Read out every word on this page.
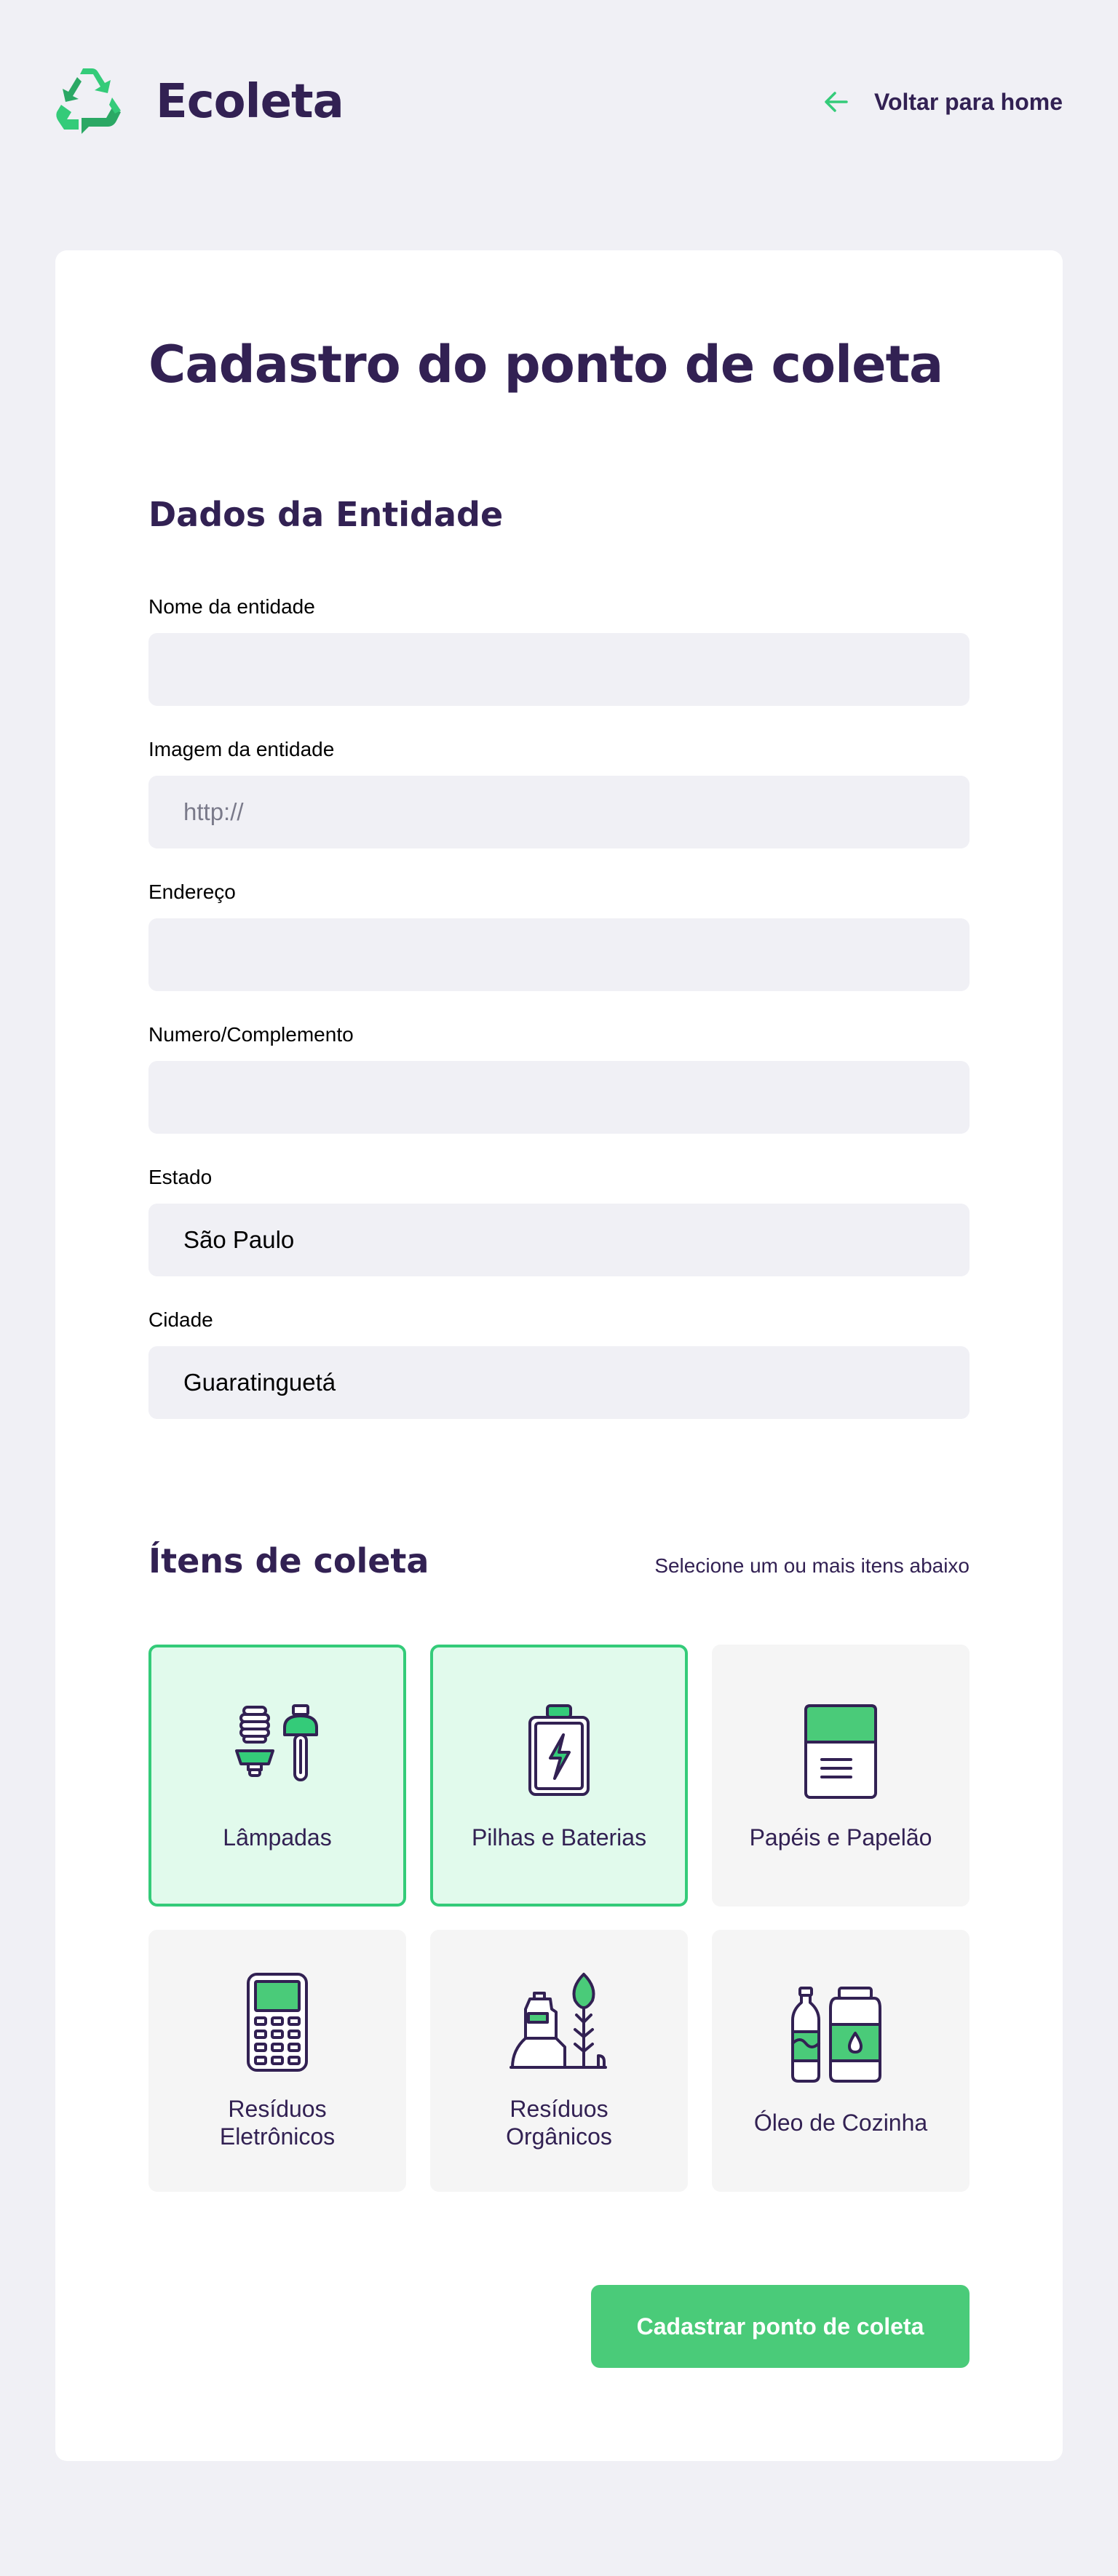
Ecoleta	Voltar para home
Cadastro do ponto de coleta
Dados da Entidade
Nome da entidade
Imagem da entidade
http://
Endereço
Numero/Complemento
Estado
São Paulo
Cidade
Guaratinguetá
Ítens de coleta	Selecione um ou mais itens abaixo
Lâmpadas	Pilhas e Baterias	Papéis e Papelão
Resíduos Eletrônicos
Resíduos Orgânicos
Óleo de Cozinha
Cadastrar ponto de coleta
